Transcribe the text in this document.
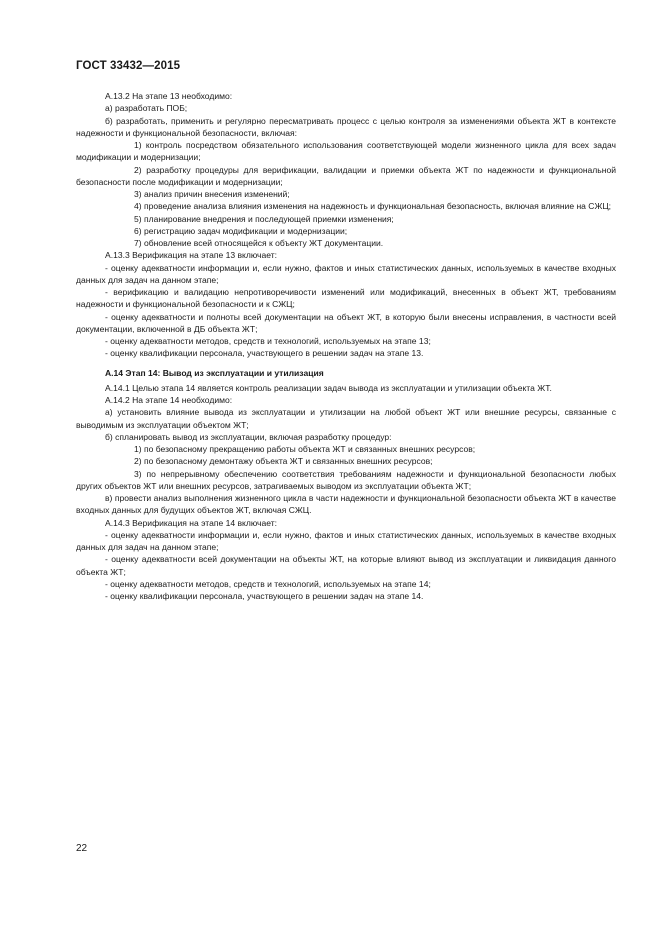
ГОСТ 33432—2015

А.13.2 На этапе 13 необходимо:

а) разработать ПОБ;

б) разработать, применить и регулярно пересматривать процесс с целью контроля за изменениями объекта ЖТ в контексте надежности и функциональной безопасности, включая:

1) контроль посредством обязательного использования соответствующей модели жизненного цикла для всех задач модификации и модернизации;

2) разработку процедуры для верификации, валидации и приемки объекта ЖТ по надежности и функциональной безопасности после модификации и модернизации;

3) анализ причин внесения изменений;

4) проведение анализа влияния изменения на надежность и функциональная безопасность, включая влияние на СЖЦ;

5) планирование внедрения и последующей приемки изменения;

6) регистрацию задач модификации и модернизации;

7) обновление всей относящейся к объекту ЖТ документации.

А.13.3 Верификация на этапе 13 включает:

- оценку адекватности информации и, если нужно, фактов и иных статистических данных, используемых в качестве входных данных для задач на данном этапе;

- верификацию и валидацию непротиворечивости изменений или модификаций, внесенных в объект ЖТ, требованиям надежности и функциональной безопасности и к СЖЦ;

- оценку адекватности и полноты всей документации на объект ЖТ, в которую были внесены исправления, в частности всей документации, включенной в ДБ объекта ЖТ;

- оценку адекватности методов, средств и технологий, используемых на этапе 13;

- оценку квалификации персонала, участвующего в решении задач на этапе 13.

А.14 Этап 14: Вывод из эксплуатации и утилизация

А.14.1 Целью этапа 14 является контроль реализации задач вывода из эксплуатации и утилизации объекта ЖТ.

А.14.2 На этапе 14 необходимо:

а) установить влияние вывода из эксплуатации и утилизации на любой объект ЖТ или внешние ресурсы, связанные с выводимым из эксплуатации объектом ЖТ;

б) спланировать вывод из эксплуатации, включая разработку процедур:

1) по безопасному прекращению работы объекта ЖТ и связанных внешних ресурсов;

2) по безопасному демонтажу объекта ЖТ и связанных внешних ресурсов;

3) по непрерывному обеспечению соответствия требованиям надежности и функциональной безопасности любых других объектов ЖТ или внешних ресурсов, затрагиваемых выводом из эксплуатации объекта ЖТ;

в) провести анализ выполнения жизненного цикла в части надежности и функциональной безопасности объекта ЖТ в качестве входных данных для будущих объектов ЖТ, включая СЖЦ.

А.14.3 Верификация на этапе 14 включает:

- оценку адекватности информации и, если нужно, фактов и иных статистических данных, используемых в качестве входных данных для задач на данном этапе;

- оценку адекватности всей документации на объекты ЖТ, на которые влияют вывод из эксплуатации и ликвидация данного объекта ЖТ;

- оценку адекватности методов, средств и технологий, используемых на этапе 14;

- оценку квалификации персонала, участвующего в решении задач на этапе 14.

22
